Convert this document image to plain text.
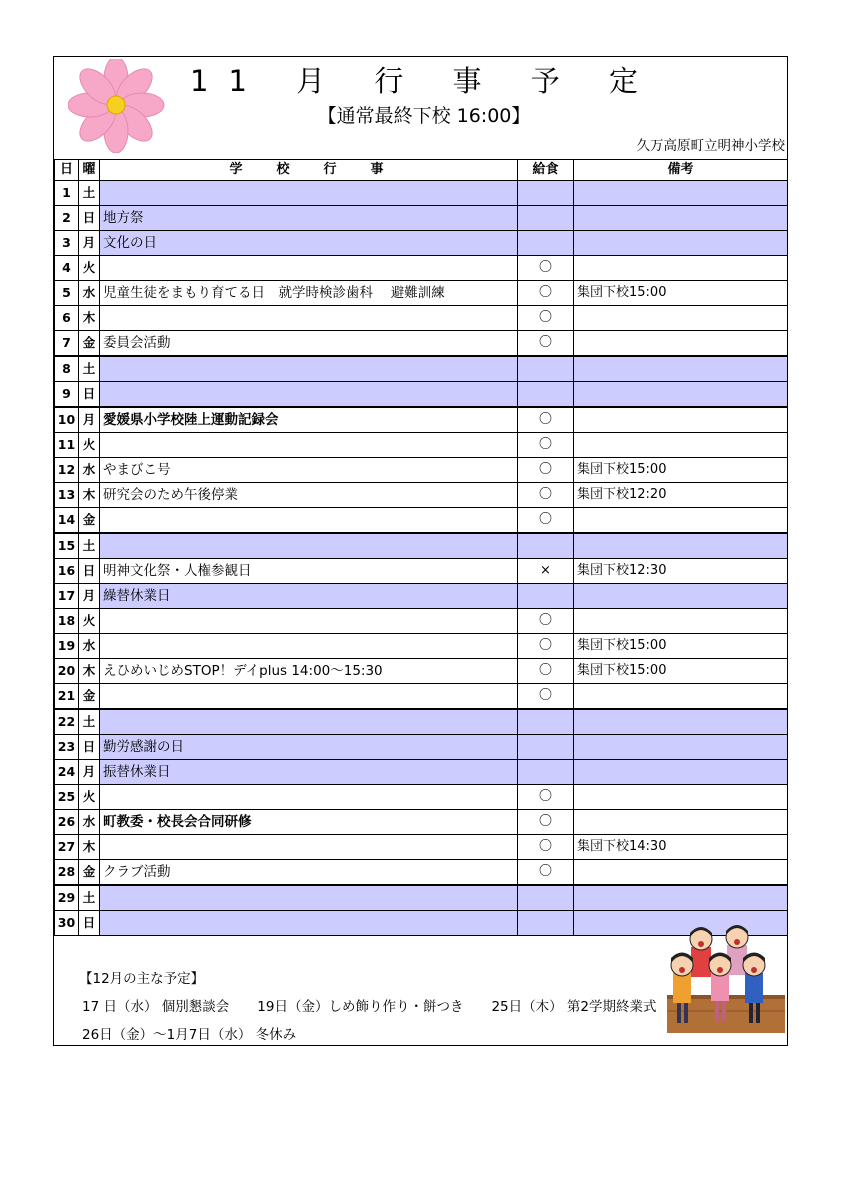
11 月 行 事 予 定
【通常最終下校 16:00】
久万高原町立明神小学校
日	曜	学校行事	給食	備考
1	土			
2	日	地方祭		
3	月	文化の日		
4	火		〇	
5	水	児童生徒をまもり育てる日　就学時検診歯科　 避難訓練	〇	集団下校15:00
6	木		〇	
7	金	委員会活動	〇	
8	土			
9	日			
10	月	愛媛県小学校陸上運動記録会	〇	
11	火		〇	
12	水	やまびこ号	〇	集団下校15:00
13	木	研究会のため午後停業	〇	集団下校12:20
14	金		〇	
15	土			
16	日	明神文化祭・人権参観日	×	集団下校12:30
17	月	繰替休業日		
18	火		〇	
19	水		〇	集団下校15:00
20	木	えひめいじめSTOP！デイplus 14:00～15:30	〇	集団下校15:00
21	金		〇	
22	土			
23	日	勤労感謝の日		
24	月	振替休業日		
25	火		〇	
26	水	町教委・校長会合同研修	〇	
27	木		〇	集団下校14:30
28	金	クラブ活動	〇	
29	土			
30	日			
【12月の主な予定】
17 日（水） 個別懇談会 19日（金）しめ飾り作り・餅つき 25日（木） 第2学期終業式
26日（金）～1月7日（水） 冬休み
